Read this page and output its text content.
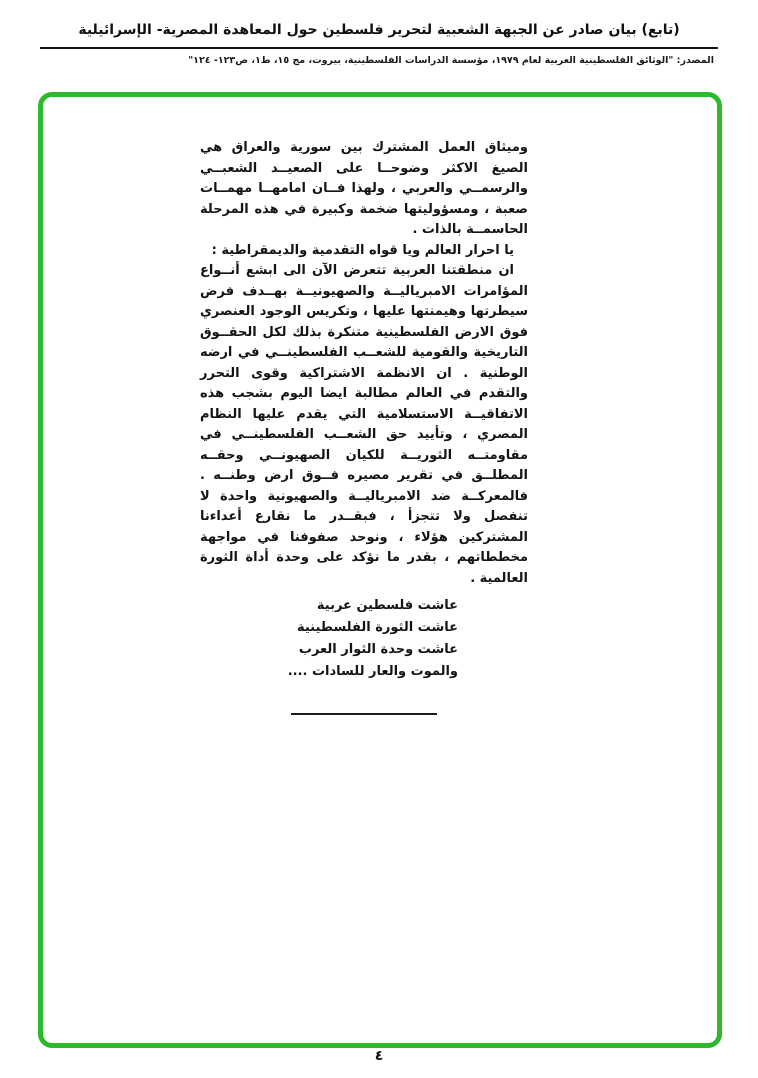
(تابع) بيان صادر عن الجبهة الشعبية لتحرير فلسطين حول المعاهدة المصرية- الإسرائيلية
المصدر: "الوثائق الفلسطينية العربية لعام ١٩٧٩، مؤسسة الدراسات الفلسطينية، بيروت، مج ١٥، ط١، ص١٢٣- ١٢٤"

وميثاق العمل المشترك بين سورية والعراق هي الصيغ الاكثر وضوحــا على الصعيــد الشعبــي والرسمــي والعربي ، ولهذا فــان امامهــا مهمــات صعبة ، ومسؤوليتها ضخمة وكبيرة في هذه المرحلة الحاسمــة بالذات .

يا احرار العالم ويا قواه التقدمية والديمقراطية :

ان منطقتنا العربية تتعرض الآن الى ابشع أنــواع المؤامرات الامبرياليــة والصهيونيــة بهــدف فرض سيطرتها وهيمنتها عليها ، وتكريس الوجود العنصري فوق الارض الفلسطينية متنكرة بذلك لكل الحقــوق التاريخية والقومية للشعــب الفلسطينــي في ارضه الوطنية . ان الانظمة الاشتراكية وقوى التحرر والتقدم في العالم مطالبة ايضا اليوم بشجب هذه الاتفاقيــة الاستسلامية التي يقدم عليها النظام المصري ، وتأييد حق الشعــب الفلسطينــي في مقاومتــه الثوريــة للكيان الصهيونــي وحقــه المطلــق في تقرير مصيره فــوق ارض وطنــه . فالمعركــة ضد الامبرياليــة والصهيونية واحدة لا تنفصل ولا تتجزأ ، فبقــدر ما نقارع أعداءنا المشتركين هؤلاء ، ونوحد صفوفنا في مواجهة مخططاتهم ، بقدر ما نؤكد على وحدة أداة الثورة العالمية .

عاشت فلسطين عربية
عاشت الثورة الفلسطينية
عاشت وحدة الثوار العرب
والموت والعار للسادات ....
٤
